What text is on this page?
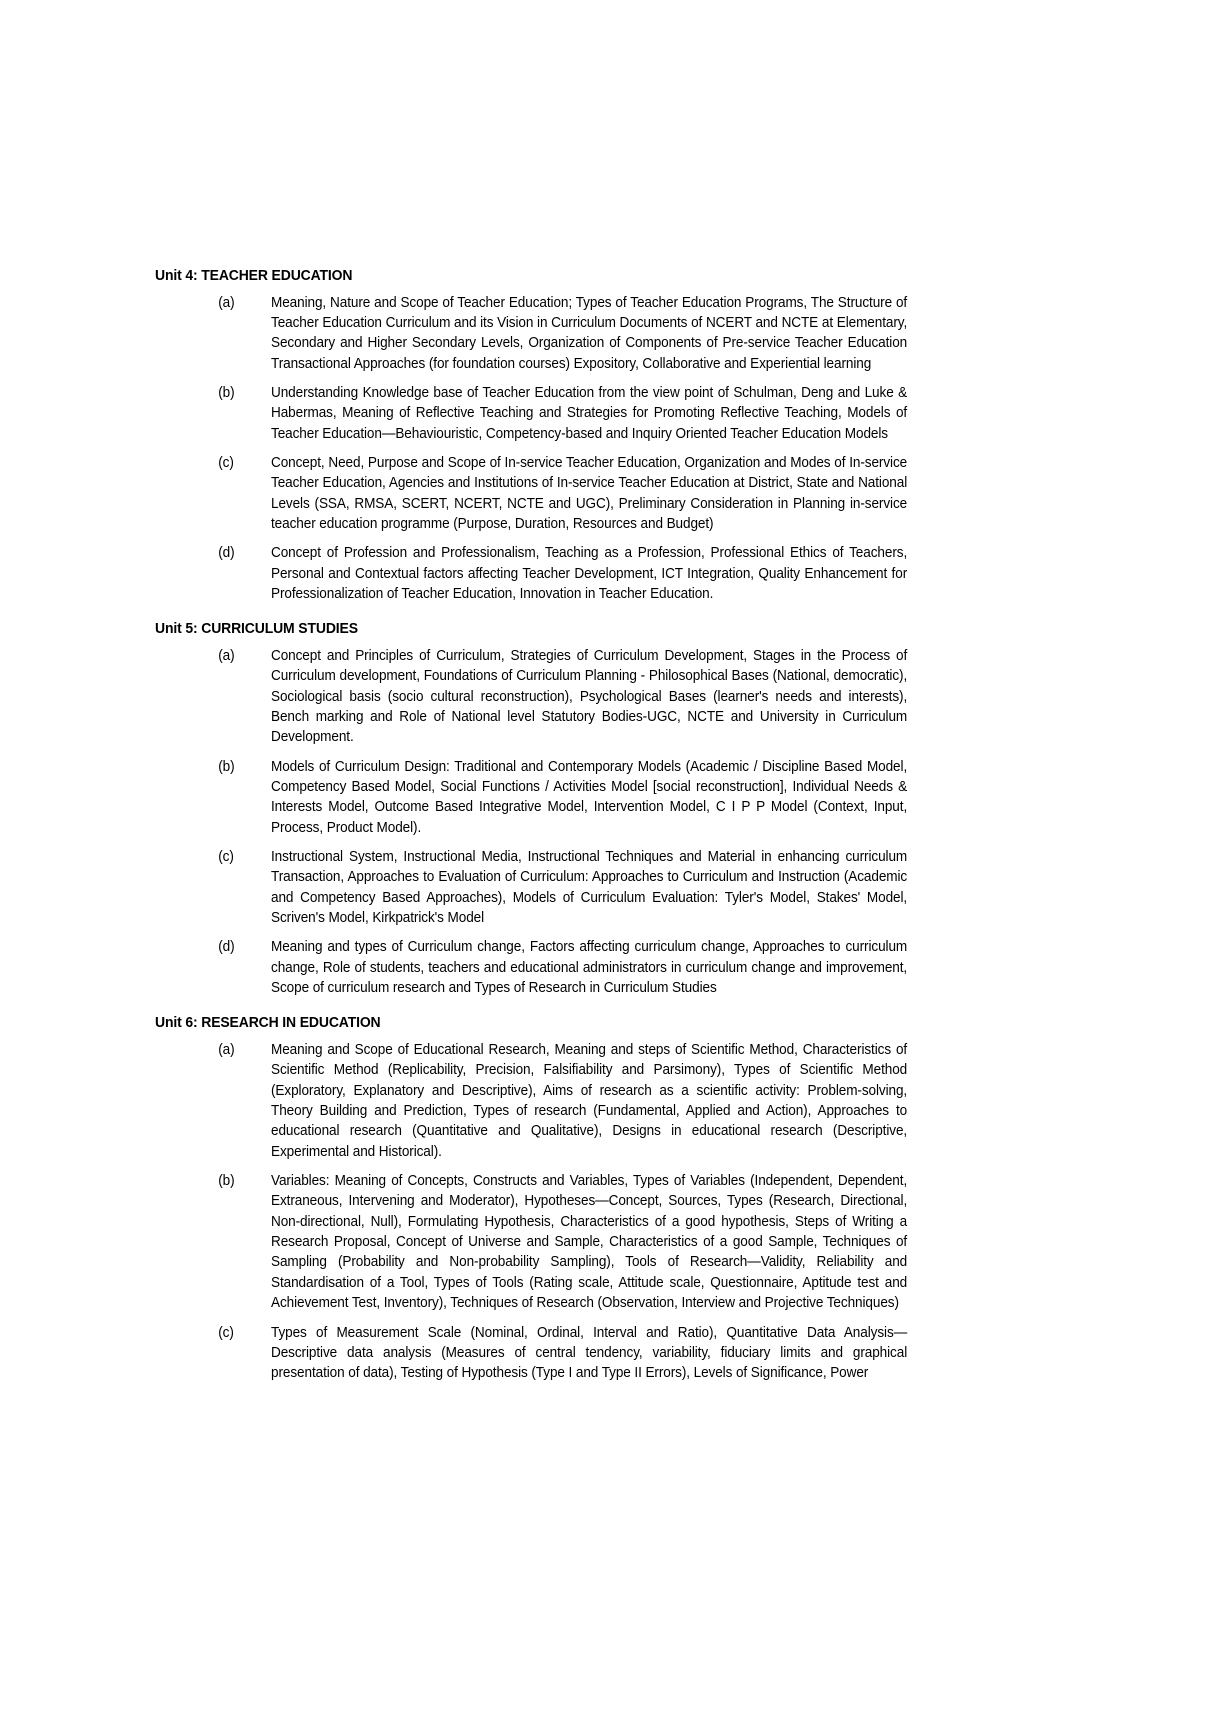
Unit 4: TEACHER EDUCATION
(a)	Meaning, Nature and Scope of Teacher Education; Types of Teacher Education Programs, The Structure of Teacher Education Curriculum and its Vision in Curriculum Documents of NCERT and NCTE at Elementary, Secondary and Higher Secondary Levels, Organization of Components of Pre-service Teacher Education Transactional Approaches (for foundation courses) Expository, Collaborative and Experiential learning
(b)	Understanding Knowledge base of Teacher Education from the view point of Schulman, Deng and Luke & Habermas, Meaning of Reflective Teaching and Strategies for Promoting Reflective Teaching, Models of Teacher Education—Behaviouristic, Competency-based and Inquiry Oriented Teacher Education Models
(c)	Concept, Need, Purpose and Scope of In-service Teacher Education, Organization and Modes of In-service Teacher Education, Agencies and Institutions of In-service Teacher Education at District, State and National Levels (SSA, RMSA, SCERT, NCERT, NCTE and UGC), Preliminary Consideration in Planning in-service teacher education programme (Purpose, Duration, Resources and Budget)
(d)	Concept of Profession and Professionalism, Teaching as a Profession, Professional Ethics of Teachers, Personal and Contextual factors affecting Teacher Development, ICT Integration, Quality Enhancement for Professionalization of Teacher Education, Innovation in Teacher Education.
Unit 5: CURRICULUM STUDIES
(a)	Concept and Principles of Curriculum, Strategies of Curriculum Development, Stages in the Process of Curriculum development, Foundations of Curriculum Planning - Philosophical Bases (National, democratic), Sociological basis (socio cultural reconstruction), Psychological Bases (learner's needs and interests), Bench marking and Role of National level Statutory Bodies-UGC, NCTE and University in Curriculum Development.
(b)	Models of Curriculum Design: Traditional and Contemporary Models (Academic / Discipline Based Model, Competency Based Model, Social Functions / Activities Model [social reconstruction], Individual Needs & Interests Model, Outcome Based Integrative Model, Intervention Model, C I P P Model (Context, Input, Process, Product Model).
(c)	Instructional System, Instructional Media, Instructional Techniques and Material in enhancing curriculum Transaction, Approaches to Evaluation of Curriculum: Approaches to Curriculum and Instruction (Academic and Competency Based Approaches), Models of Curriculum Evaluation: Tyler's Model, Stakes' Model, Scriven's Model, Kirkpatrick's Model
(d)	Meaning and types of Curriculum change, Factors affecting curriculum change, Approaches to curriculum change, Role of students, teachers and educational administrators in curriculum change and improvement, Scope of curriculum research and Types of Research in Curriculum Studies
Unit 6: RESEARCH IN EDUCATION
(a)	Meaning and Scope of Educational Research, Meaning and steps of Scientific Method, Characteristics of Scientific Method (Replicability, Precision, Falsifiability and Parsimony), Types of Scientific Method (Exploratory, Explanatory and Descriptive), Aims of research as a scientific activity: Problem-solving, Theory Building and Prediction, Types of research (Fundamental, Applied and Action), Approaches to educational research (Quantitative and Qualitative), Designs in educational research (Descriptive, Experimental and Historical).
(b)	Variables: Meaning of Concepts, Constructs and Variables, Types of Variables (Independent, Dependent, Extraneous, Intervening and Moderator), Hypotheses—Concept, Sources, Types (Research, Directional, Non-directional, Null), Formulating Hypothesis, Characteristics of a good hypothesis, Steps of Writing a Research Proposal, Concept of Universe and Sample, Characteristics of a good Sample, Techniques of Sampling (Probability and Non-probability Sampling), Tools of Research—Validity, Reliability and Standardisation of a Tool, Types of Tools (Rating scale, Attitude scale, Questionnaire, Aptitude test and Achievement Test, Inventory), Techniques of Research (Observation, Interview and Projective Techniques)
(c)	Types of Measurement Scale (Nominal, Ordinal, Interval and Ratio), Quantitative Data Analysis—Descriptive data analysis (Measures of central tendency, variability, fiduciary limits and graphical presentation of data), Testing of Hypothesis (Type I and Type II Errors), Levels of Significance, Power
